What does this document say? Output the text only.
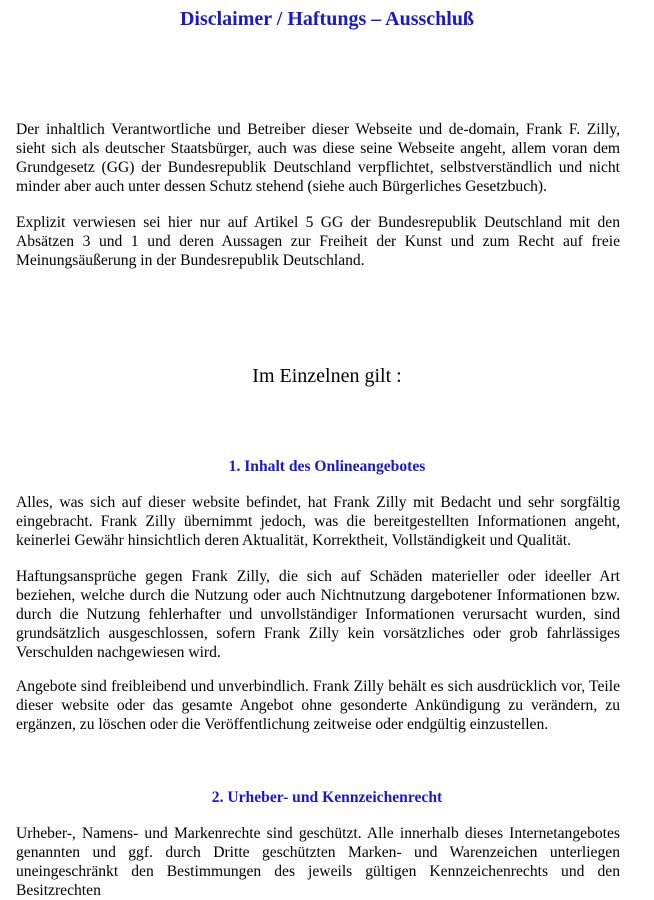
Disclaimer / Haftungs – Ausschluß

Der inhaltlich Verantwortliche und Betreiber dieser Webseite und de-domain, Frank F. Zilly, sieht sich als deutscher Staatsbürger, auch was diese seine Webseite angeht, allem voran dem Grundgesetz (GG) der Bundesrepublik Deutschland verpflichtet, selbstverständlich und nicht minder aber auch unter dessen Schutz stehend (siehe auch Bürgerliches Gesetzbuch).

Explizit verwiesen sei hier nur auf Artikel 5 GG der Bundesrepublik Deutschland mit den Absätzen 3 und 1 und deren Aussagen zur Freiheit der Kunst und zum Recht auf freie Meinungsäußerung in der Bundesrepublik Deutschland.

Im Einzelnen gilt :
1. Inhalt des Onlineangebotes

Alles, was sich auf dieser website befindet, hat Frank Zilly mit Bedacht und sehr sorgfältig eingebracht. Frank Zilly übernimmt jedoch, was die bereitgestellten Informationen angeht, keinerlei Gewähr hinsichtlich deren Aktualität, Korrektheit, Vollständigkeit und Qualität.

Haftungsansprüche gegen Frank Zilly, die sich auf Schäden materieller oder ideeller Art beziehen, welche durch die Nutzung oder auch Nichtnutzung dargebotener Informationen bzw. durch die Nutzung fehlerhafter und unvollständiger Informationen verursacht wurden, sind grundsätzlich ausgeschlossen, sofern Frank Zilly kein vorsätzliches oder grob fahrlässiges Verschulden nachgewiesen wird.

Angebote sind freibleibend und unverbindlich. Frank Zilly behält es sich ausdrücklich vor, Teile dieser website oder das gesamte Angebot ohne gesonderte Ankündigung zu verändern, zu ergänzen, zu löschen oder die Veröffentlichung zeitweise oder endgültig einzustellen.

2. Urheber- und Kennzeichenrecht

Urheber-, Namens- und Markenrechte sind geschützt. Alle innerhalb dieses Internetangebotes genannten und ggf. durch Dritte geschützten Marken- und Warenzeichen unterliegen uneingeschränkt den Bestimmungen des jeweils gültigen Kennzeichenrechts und den Besitzrechten
